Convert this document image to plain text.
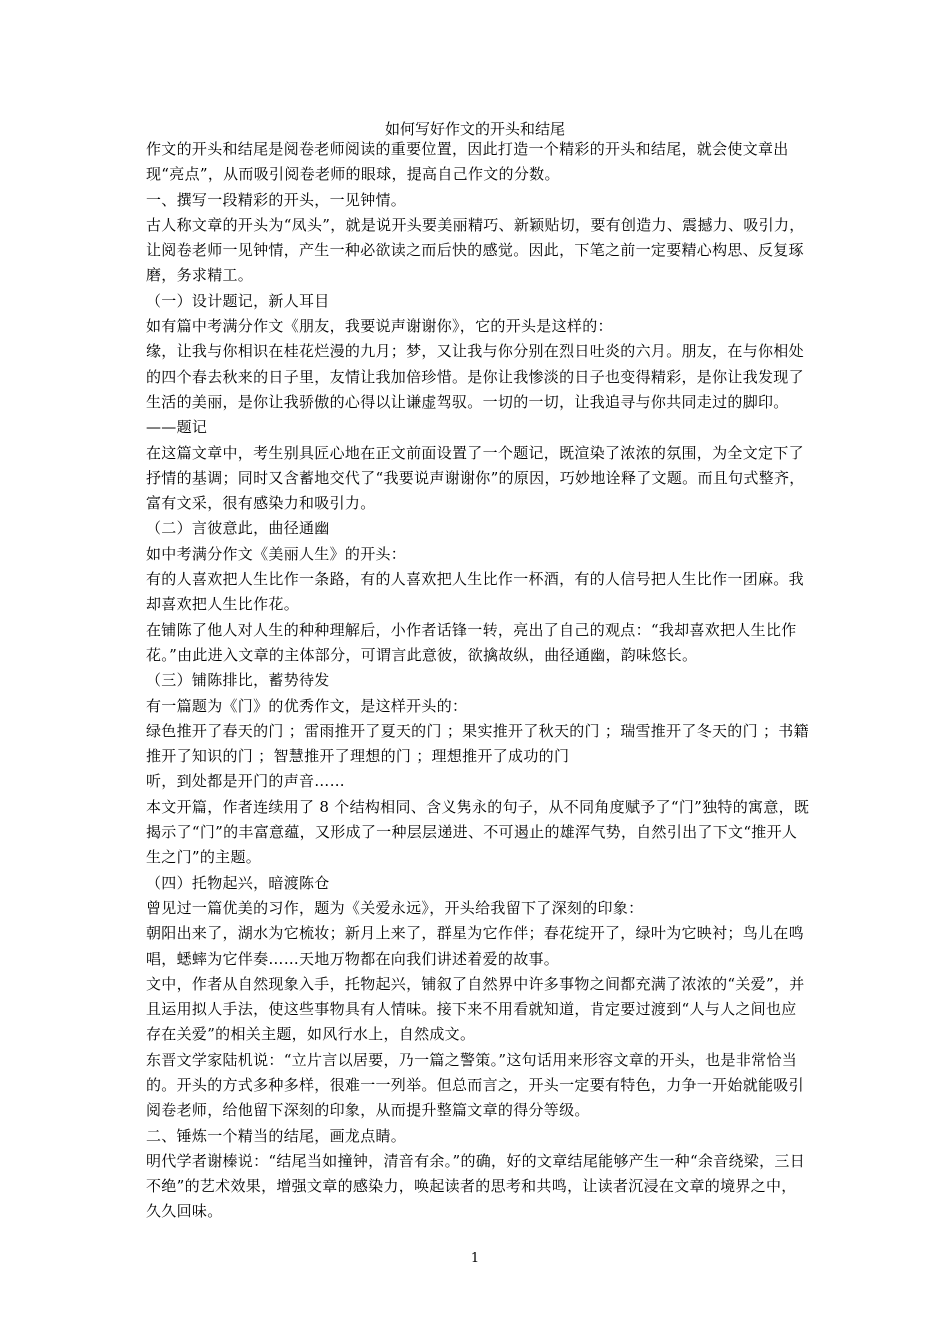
如何写好作文的开头和结尾

作文的开头和结尾是阅卷老师阅读的重要位置，因此打造一个精彩的开头和结尾，就会使文章出现“亮点”，从而吸引阅卷老师的眼球，提高自己作文的分数。

一、撰写一段精彩的开头，一见钟情。

古人称文章的开头为“凤头”，就是说开头要美丽精巧、新颖贴切，要有创造力、震撼力、吸引力，让阅卷老师一见钟情，产生一种必欲读之而后快的感觉。因此，下笔之前一定要精心构思、反复琢磨，务求精工。

（一）设计题记，新人耳目

如有篇中考满分作文《朋友，我要说声谢谢你》，它的开头是这样的：

缘，让我与你相识在桂花烂漫的九月；梦，又让我与你分别在烈日吐炎的六月。朋友，在与你相处的四个春去秋来的日子里，友情让我加倍珍惜。是你让我惨淡的日子也变得精彩，是你让我发现了生活的美丽，是你让我骄傲的心得以让谦虚驾驭。一切的一切，让我追寻与你共同走过的脚印。 ——题记

在这篇文章中，考生别具匠心地在正文前面设置了一个题记，既渲染了浓浓的氛围，为全文定下了抒情的基调；同时又含蓄地交代了“我要说声谢谢你”的原因，巧妙地诠释了文题。而且句式整齐，富有文采，很有感染力和吸引力。

（二）言彼意此，曲径通幽

如中考满分作文《美丽人生》的开头：

有的人喜欢把人生比作一条路，有的人喜欢把人生比作一杯酒，有的人信号把人生比作一团麻。我却喜欢把人生比作花。

在铺陈了他人对人生的种种理解后，小作者话锋一转，亮出了自己的观点：“我却喜欢把人生比作花。”由此进入文章的主体部分，可谓言此意彼，欲擒故纵，曲径通幽，韵味悠长。

（三）铺陈排比，蓄势待发

有一篇题为《门》的优秀作文，是这样开头的：

绿色推开了春天的门 ；雷雨推开了夏天的门 ；果实推开了秋天的门 ；瑞雪推开了冬天的门 ；书籍推开了知识的门 ；智慧推开了理想的门 ；理想推开了成功的门

听，到处都是开门的声音……

本文开篇，作者连续用了 8 个结构相同、含义隽永的句子，从不同角度赋予了“门”独特的寓意，既揭示了“门”的丰富意蕴，又形成了一种层层递进、不可遏止的雄浑气势，自然引出了下文“推开人生之门”的主题。

（四）托物起兴，暗渡陈仓

曾见过一篇优美的习作，题为《关爱永远》，开头给我留下了深刻的印象：

朝阳出来了，湖水为它梳妆；新月上来了，群星为它作伴；春花绽开了，绿叶为它映衬；鸟儿在鸣唱，蟋蟀为它伴奏……天地万物都在向我们讲述着爱的故事。

文中，作者从自然现象入手，托物起兴，铺叙了自然界中许多事物之间都充满了浓浓的“关爱”，并且运用拟人手法，使这些事物具有人情味。接下来不用看就知道，肯定要过渡到“人与人之间也应存在关爱”的相关主题，如风行水上，自然成文。

东晋文学家陆机说：“立片言以居要，乃一篇之警策。”这句话用来形容文章的开头，也是非常恰当的。开头的方式多种多样，很难一一列举。但总而言之，开头一定要有特色，力争一开始就能吸引阅卷老师，给他留下深刻的印象，从而提升整篇文章的得分等级。

二、锤炼一个精当的结尾，画龙点睛。

明代学者谢榛说：“结尾当如撞钟，清音有余。”的确，好的文章结尾能够产生一种“余音绕梁，三日不绝”的艺术效果，增强文章的感染力，唤起读者的思考和共鸣，让读者沉浸在文章的境界之中，久久回味。

1
